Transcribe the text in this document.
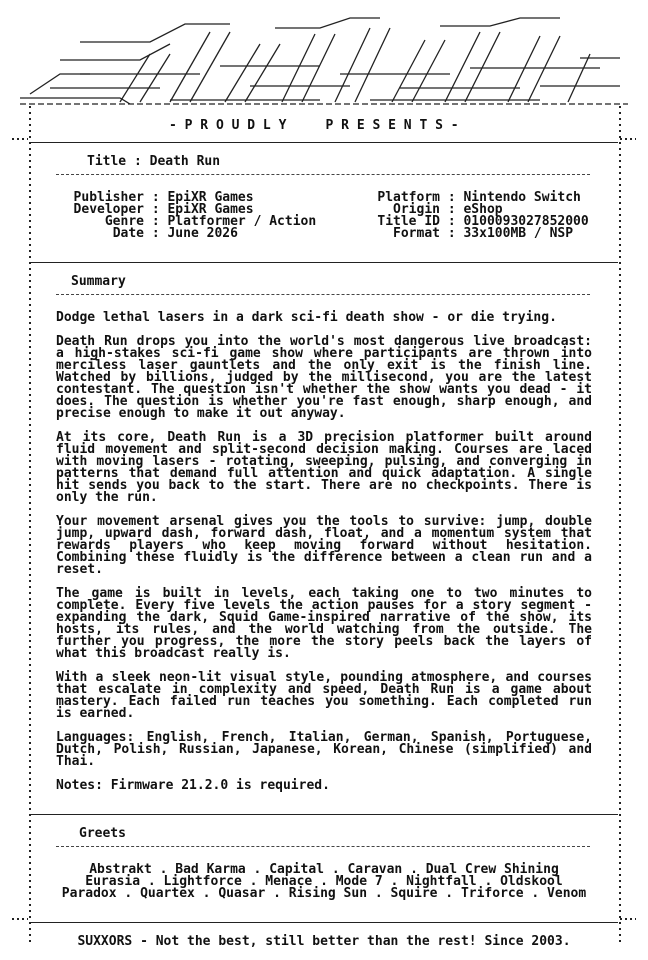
- P R O U D L Y     P R E S E N T S -
Title : Death Run
Publisher : EpiXR Games
Developer : EpiXR Games
Genre : Platformer / Action
Date : June 2026
Platform : Nintendo Switch
Origin : eShop
Title ID : 0100093027852000
Format : 33x100MB / NSP
Summary
Dodge lethal lasers in a dark sci-fi death show - or die trying.
Death Run drops you into the world's most dangerous live broadcast: a high-stakes sci-fi game show where participants are thrown into merciless laser gauntlets and the only exit is the finish line. Watched by billions, judged by the millisecond, you are the latest contestant. The question isn't whether the show wants you dead - it does. The question is whether you're fast enough, sharp enough, and precise enough to make it out anyway.
At its core, Death Run is a 3D precision platformer built around fluid movement and split-second decision making. Courses are laced with moving lasers - rotating, sweeping, pulsing, and converging in patterns that demand full attention and quick adaptation. A single hit sends you back to the start. There are no checkpoints. There is only the run.
Your movement arsenal gives you the tools to survive: jump, double jump, upward dash, forward dash, float, and a momentum system that rewards players who keep moving forward without hesitation. Combining these fluidly is the difference between a clean run and a reset.
The game is built in levels, each taking one to two minutes to complete. Every five levels the action pauses for a story segment - expanding the dark, Squid Game-inspired narrative of the show, its hosts, its rules, and the world watching from the outside. The further you progress, the more the story peels back the layers of what this broadcast really is.
With a sleek neon-lit visual style, pounding atmosphere, and courses that escalate in complexity and speed, Death Run is a game about mastery. Each failed run teaches you something. Each completed run is earned.
Languages: English, French, Italian, German, Spanish, Portuguese, Dutch, Polish, Russian, Japanese, Korean, Chinese (simplified) and Thai.
Notes: Firmware 21.2.0 is required.
Greets
Abstrakt . Bad Karma . Capital . Caravan . Dual Crew Shining
Eurasia . Lightforce . Menace . Mode 7 . Nightfall . Oldskool
Paradox . Quartex . Quasar . Rising Sun . Squire . Triforce . Venom
SUXXORS - Not the best, still better than the rest! Since 2003.
